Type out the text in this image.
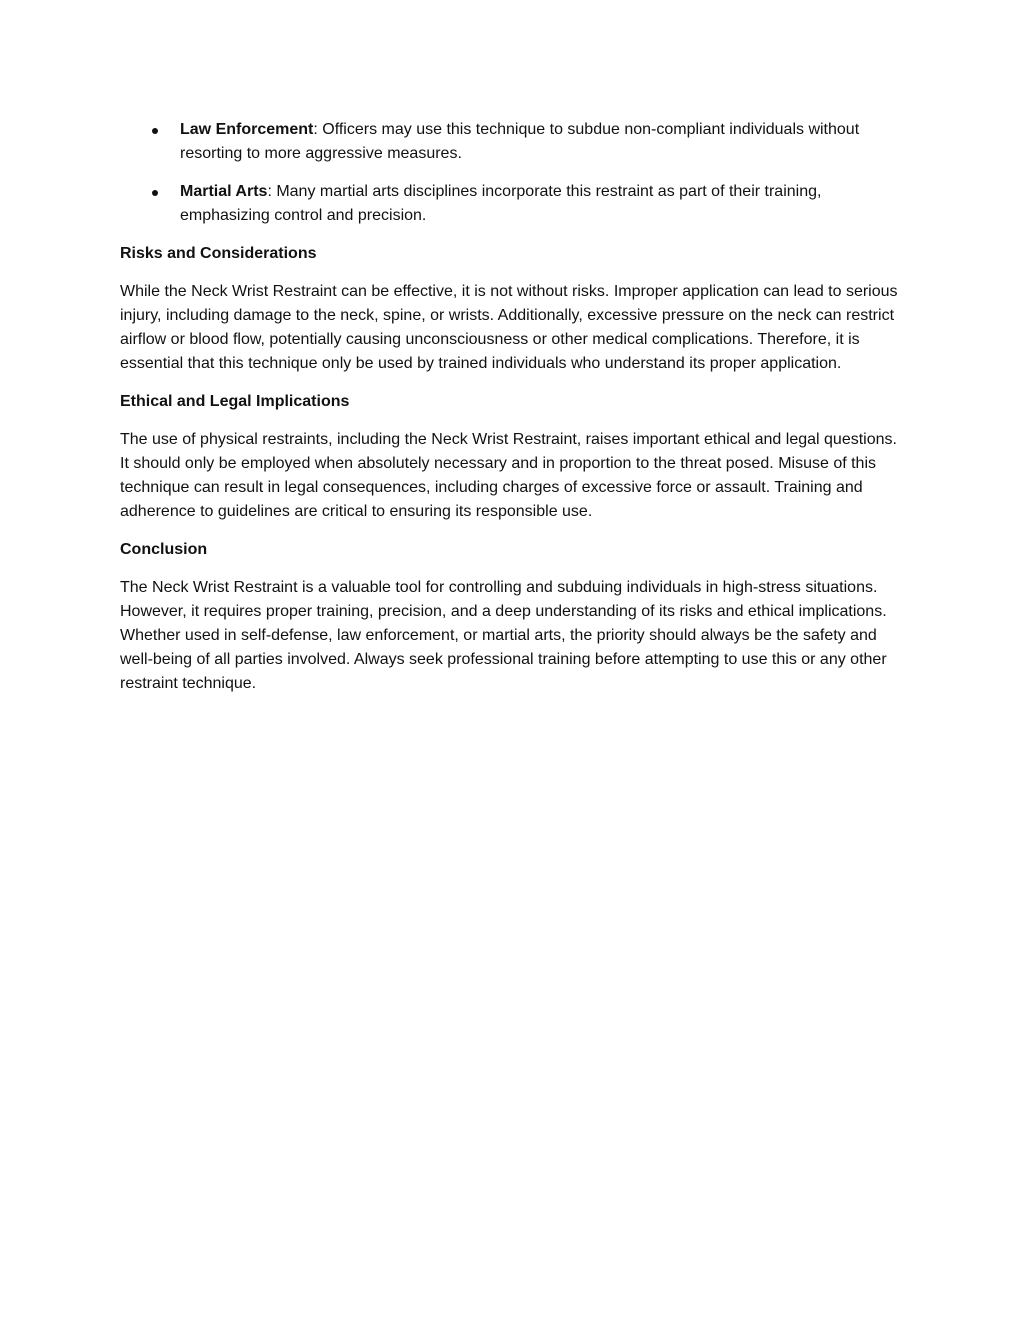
Law Enforcement: Officers may use this technique to subdue non-compliant individuals without resorting to more aggressive measures.
Martial Arts: Many martial arts disciplines incorporate this restraint as part of their training, emphasizing control and precision.
Risks and Considerations

While the Neck Wrist Restraint can be effective, it is not without risks. Improper application can lead to serious injury, including damage to the neck, spine, or wrists. Additionally, excessive pressure on the neck can restrict airflow or blood flow, potentially causing unconsciousness or other medical complications. Therefore, it is essential that this technique only be used by trained individuals who understand its proper application.

Ethical and Legal Implications

The use of physical restraints, including the Neck Wrist Restraint, raises important ethical and legal questions. It should only be employed when absolutely necessary and in proportion to the threat posed. Misuse of this technique can result in legal consequences, including charges of excessive force or assault. Training and adherence to guidelines are critical to ensuring its responsible use.

Conclusion

The Neck Wrist Restraint is a valuable tool for controlling and subduing individuals in high-stress situations. However, it requires proper training, precision, and a deep understanding of its risks and ethical implications. Whether used in self-defense, law enforcement, or martial arts, the priority should always be the safety and well-being of all parties involved. Always seek professional training before attempting to use this or any other restraint technique.
